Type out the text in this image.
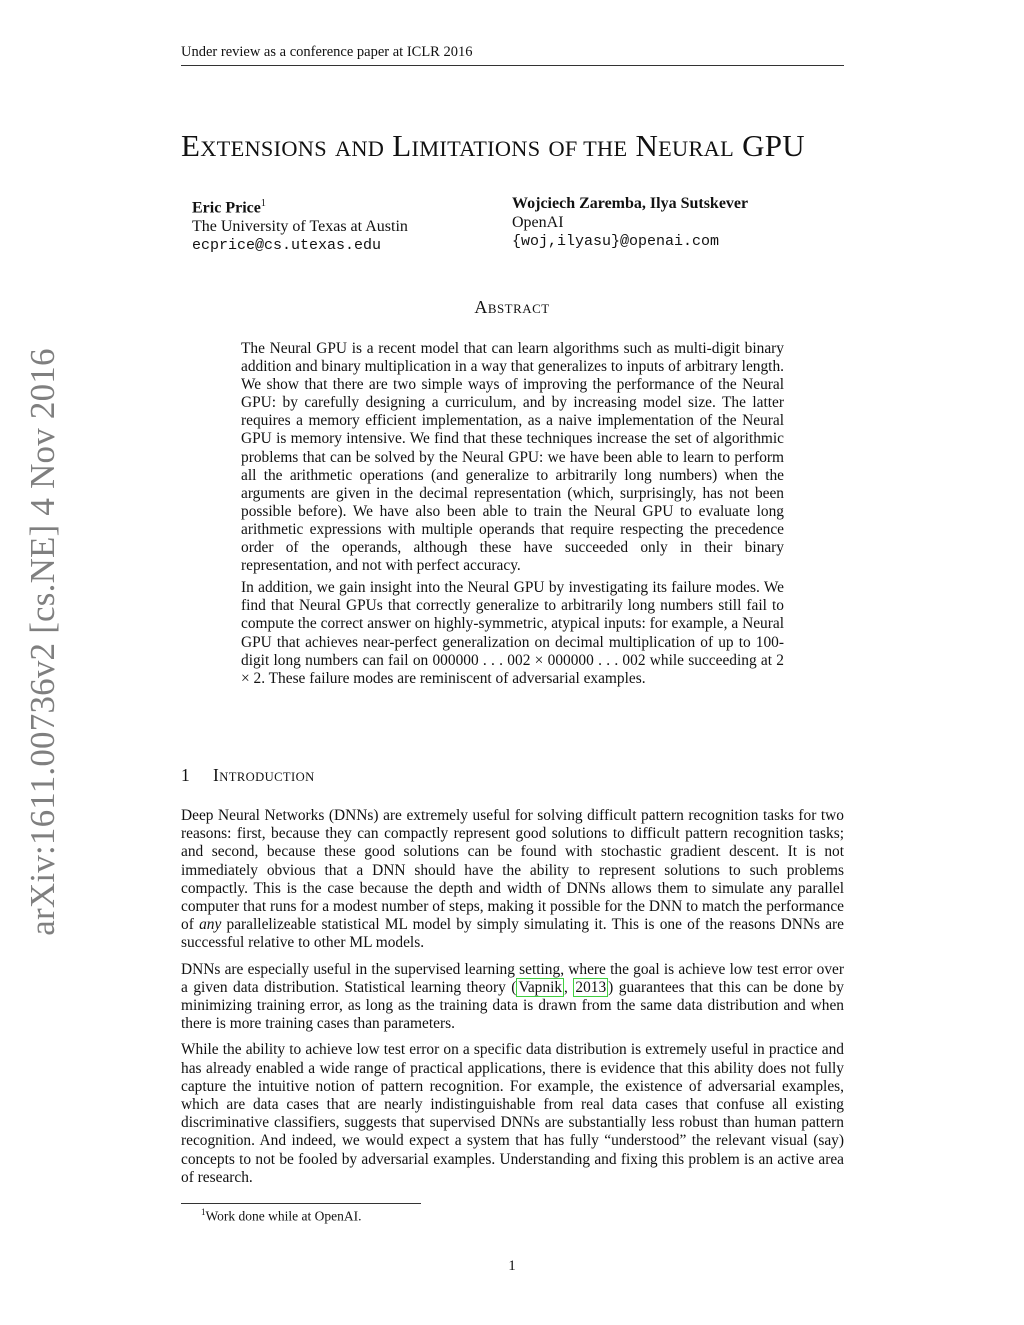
Under review as a conference paper at ICLR 2016
arXiv:1611.00736v2 [cs.NE] 4 Nov 2016
EXTENSIONS AND LIMITATIONS OF THE NEURAL GPU
Eric Price$^1$
The University of Texas at Austin
ecprice@cs.utexas.edu
Wojciech Zaremba, Ilya Sutskever
OpenAI
{woj,ilyasu}@openai.com
ABSTRACT

The Neural GPU is a recent model that can learn algorithms such as multi-digit binary addition and binary multiplication in a way that generalizes to inputs of arbitrary length. We show that there are two simple ways of improving the performance of the Neural GPU: by carefully designing a curriculum, and by increasing model size. The latter requires a memory efficient implementation, as a naive implementation of the Neural GPU is memory intensive. We find that these techniques increase the set of algorithmic problems that can be solved by the Neural GPU: we have been able to learn to perform all the arithmetic operations (and generalize to arbitrarily long numbers) when the arguments are given in the decimal representation (which, surprisingly, has not been possible before). We have also been able to train the Neural GPU to evaluate long arithmetic expressions with multiple operands that require respecting the precedence order of the operands, although these have succeeded only in their binary representation, and not with perfect accuracy.

In addition, we gain insight into the Neural GPU by investigating its failure modes. We find that Neural GPUs that correctly generalize to arbitrarily long numbers still fail to compute the correct answer on highly-symmetric, atypical inputs: for example, a Neural GPU that achieves near-perfect generalization on decimal multiplication of up to 100-digit long numbers can fail on 000000 . . . 002 × 000000 . . . 002 while succeeding at 2 × 2. These failure modes are reminiscent of adversarial examples.

1 INTRODUCTION

Deep Neural Networks (DNNs) are extremely useful for solving difficult pattern recognition tasks for two reasons: first, because they can compactly represent good solutions to difficult pattern recognition tasks; and second, because these good solutions can be found with stochastic gradient descent. It is not immediately obvious that a DNN should have the ability to represent solutions to such problems compactly. This is the case because the depth and width of DNNs allows them to simulate any parallel computer that runs for a modest number of steps, making it possible for the DNN to match the performance of any parallelizeable statistical ML model by simply simulating it. This is one of the reasons DNNs are successful relative to other ML models.

DNNs are especially useful in the supervised learning setting, where the goal is achieve low test error over a given data distribution. Statistical learning theory ( Vapnik , 2013 ) guarantees that this can be done by minimizing training error, as long as the training data is drawn from the same data distribution and when there is more training cases than parameters.

While the ability to achieve low test error on a specific data distribution is extremely useful in practice and has already enabled a wide range of practical applications, there is evidence that this ability does not fully capture the intuitive notion of pattern recognition. For example, the existence of adversarial examples, which are data cases that are nearly indistinguishable from real data cases that confuse all existing discriminative classifiers, suggests that supervised DNNs are substantially less robust than human pattern recognition. And indeed, we would expect a system that has fully “understood” the relevant visual (say) concepts to not be fooled by adversarial examples. Understanding and fixing this problem is an active area of research.

$^1$Work done while at OpenAI.
1
